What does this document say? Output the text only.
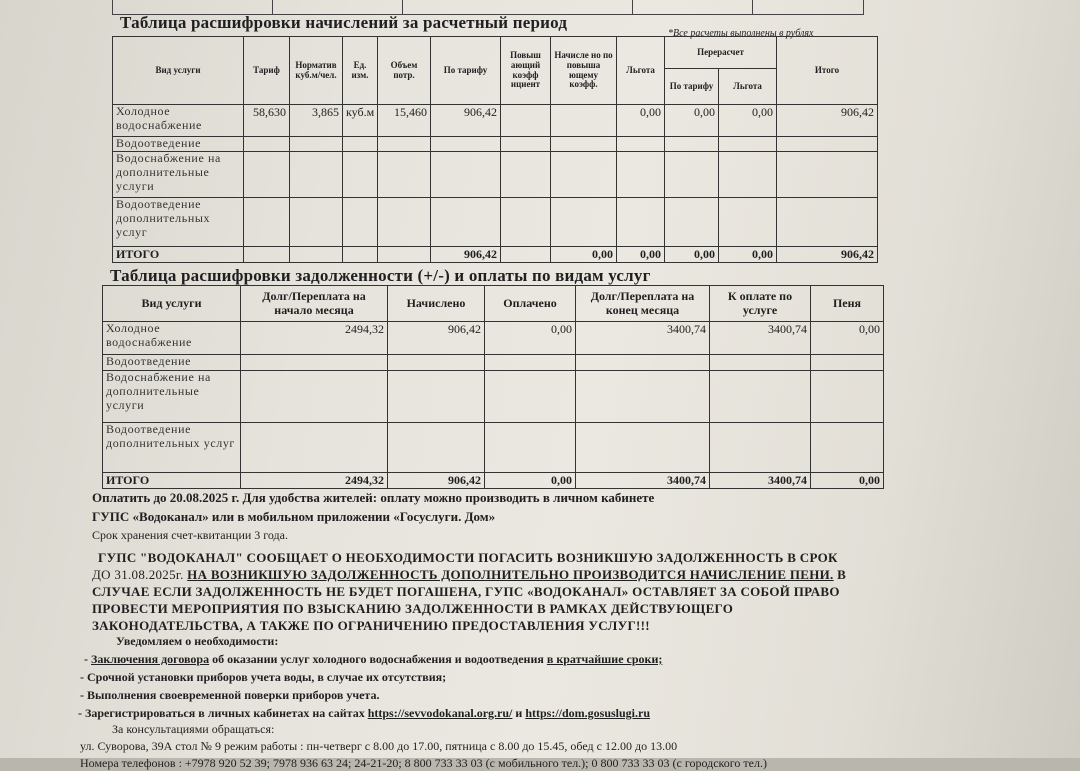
Таблица расшифровки начислений за расчетный период
*Все расчеты выполнены в рублях
Вид услуги	Тариф	Норматив куб.м/чел.	Ед. изм.	Объем потр.	По тарифу	Повыш ающий коэфф ициент	Начисле но по повыша ющему коэфф.	Льгота	Перерасчет		Итого
									По тарифу	Льгота	
Холодное водоснабжение	58,630	3,865	куб.м	15,460	906,42			0,00	0,00	0,00	906,42
Водоотведение											
Водоснабжение на дополнительные услуги											
Водоотведение дополнительных услуг											
ИТОГО					906,42		0,00	0,00	0,00	0,00	906,42
Таблица расшифровки задолженности (+/-) и оплаты по видам услуг
Вид услуги	Долг/Переплата на начало месяца	Начислено	Оплачено	Долг/Переплата на конец месяца	К оплате по услуге	Пеня
Холодное водоснабжение	2494,32	906,42	0,00	3400,74	3400,74	0,00
Водоотведение						
Водоснабжение на дополнительные услуги						
Водоотведение дополнительных услуг						
ИТОГО	2494,32	906,42	0,00	3400,74	3400,74	0,00
Оплатить до 20.08.2025 г. Для удобства жителей: оплату можно производить в личном кабинете
ГУПС «Водоканал» или в мобильном приложении «Госуслуги. Дом»
Срок хранения счет-квитанции 3 года.
ГУПС "ВОДОКАНАЛ" СООБЩАЕТ О НЕОБХОДИМОСТИ ПОГАСИТЬ ВОЗНИКШУЮ ЗАДОЛЖЕННОСТЬ В СРОК
ДО 31.08.2025г. НА ВОЗНИКШУЮ ЗАДОЛЖЕННОСТЬ ДОПОЛНИТЕЛЬНО ПРОИЗВОДИТСЯ НАЧИСЛЕНИЕ ПЕНИ. В
СЛУЧАЕ ЕСЛИ ЗАДОЛЖЕННОСТЬ НЕ БУДЕТ ПОГАШЕНА, ГУПС «ВОДОКАНАЛ» ОСТАВЛЯЕТ ЗА СОБОЙ ПРАВО
ПРОВЕСТИ МЕРОПРИЯТИЯ ПО ВЗЫСКАНИЮ ЗАДОЛЖЕННОСТИ В РАМКАХ ДЕЙСТВУЮЩЕГО
ЗАКОНОДАТЕЛЬСТВА, А ТАКЖЕ ПО ОГРАНИЧЕНИЮ ПРЕДОСТАВЛЕНИЯ УСЛУГ!!!
Уведомляем о необходимости:
- Заключения договора об оказании услуг холодного водоснабжения и водоотведения в кратчайшие сроки;
- Срочной установки приборов учета воды, в случае их отсутствия;
- Выполнения своевременной поверки приборов учета.
- Зарегистрироваться в личных кабинетах на сайтах https://sevvodokanal.org.ru/ и https://dom.gosuslugi.ru
За консультациями обращаться:
ул. Суворова, 39А стол № 9 режим работы : пн-четверг с 8.00 до 17.00, пятница с 8.00 до 15.45, обед с 12.00 до 13.00
Номера телефонов : +7978 920 52 39; 7978 936 63 24; 24-21-20; 8 800 733 33 03 (с мобильного тел.); 0 800 733 33 03 (с городского тел.)
